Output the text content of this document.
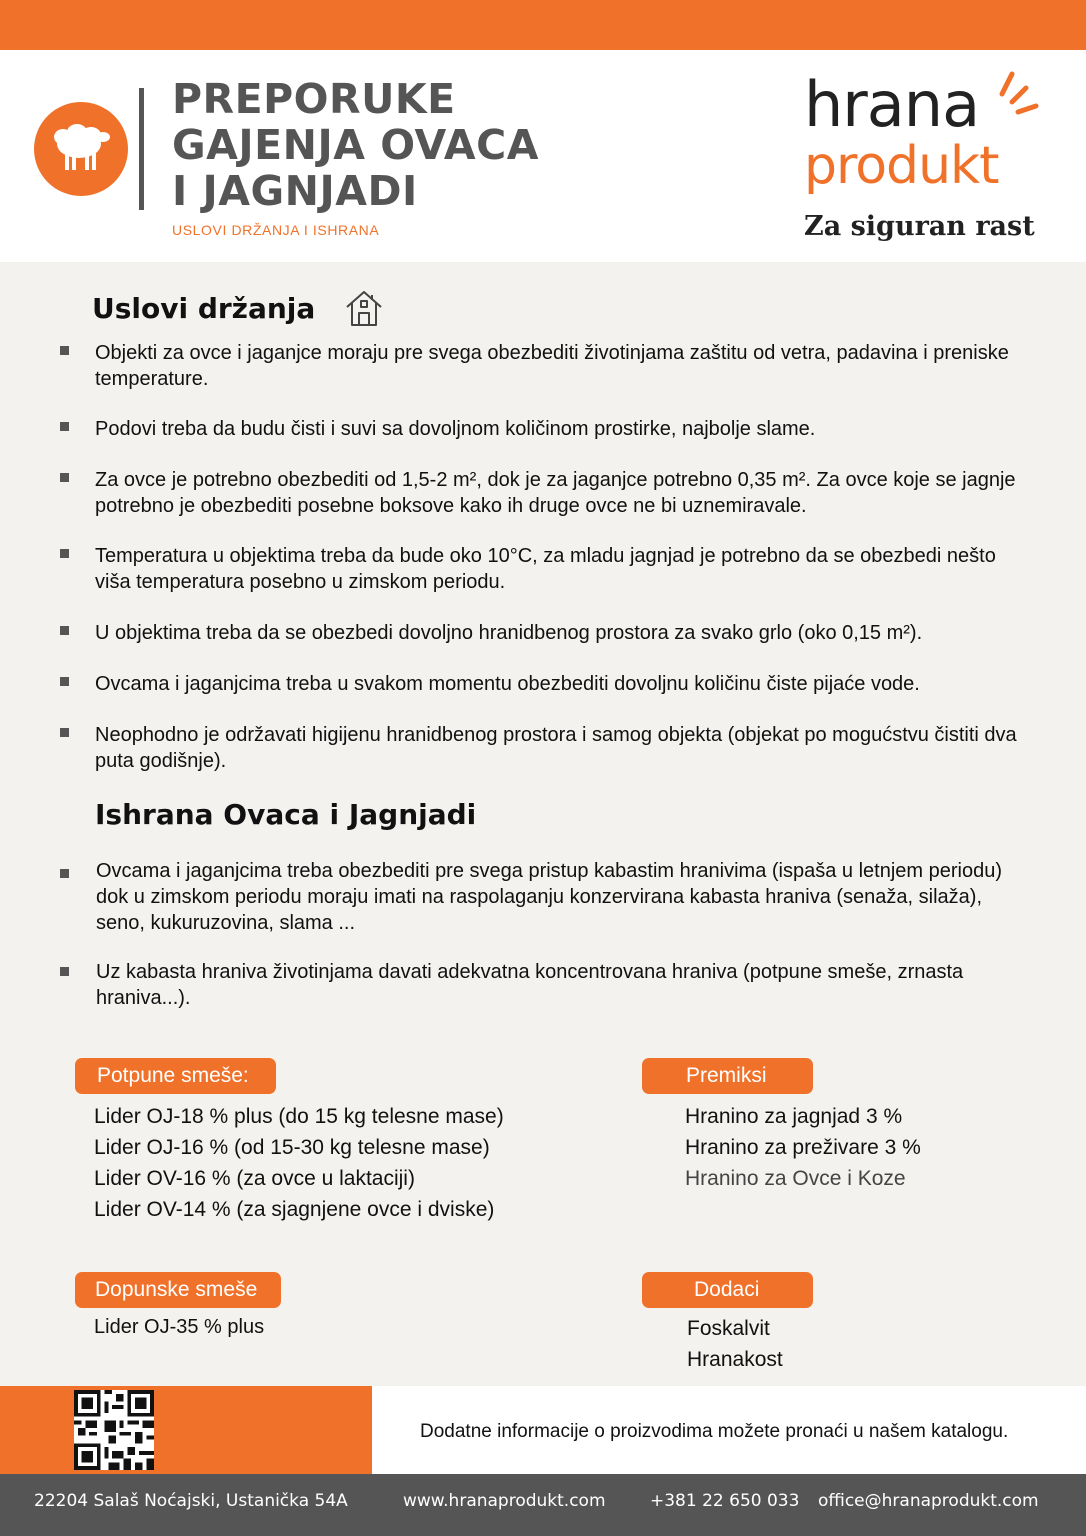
PREPORUKE
GAJENJA OVACA
I JAGNJADI
USLOVI DRŽANJA I ISHRANA
hrana
produkt
Za siguran rast
Uslovi držanja
Objekti za ovce i jaganjce moraju pre svega obezbediti životinjama zaštitu od vetra, padavina i preniske temperature.
Podovi treba da budu čisti i suvi sa dovoljnom količinom prostirke, najbolje slame.
Za ovce je potrebno obezbediti od 1,5-2 m², dok je za jaganjce potrebno 0,35 m². Za ovce koje se jagnje potrebno je obezbediti posebne boksove kako ih druge ovce ne bi uznemiravale.
Temperatura u objektima treba da bude oko 10°C, za mladu jagnjad je potrebno da se obezbedi nešto viša temperatura posebno u zimskom periodu.
U objektima treba da se obezbedi dovoljno hranidbenog prostora za svako grlo (oko 0,15 m²).
Ovcama i jaganjcima treba u svakom momentu obezbediti dovoljnu količinu čiste pijaće vode.
Neophodno je održavati higijenu hranidbenog prostora i samog objekta (objekat po mogućstvu čistiti dva puta godišnje).
Ishrana Ovaca i Jagnjadi
Ovcama i jaganjcima treba obezbediti pre svega pristup kabastim hranivima (ispaša u letnjem periodu) dok u zimskom periodu moraju imati na raspolaganju konzervirana kabasta hraniva (senaža, silaža), seno, kukuruzovina, slama ...
Uz kabasta hraniva životinjama davati adekvatna koncentrovana hraniva (potpune smeše, zrnasta hraniva...).
Potpune smeše:
Lider OJ-18 % plus (do 15 kg telesne mase)
Lider OJ-16 % (od 15-30 kg telesne mase)
Lider OV-16 % (za ovce u laktaciji)
Lider OV-14 % (za sjagnjene ovce i dviske)
Premiksi
Hranino za jagnjad 3 %
Hranino za preživare 3 %
Hranino za Ovce i Koze
Dopunske smeše
Lider OJ-35 % plus
Dodaci
Foskalvit
Hranakost
Dodatne informacije o proizvodima možete pronaći u našem katalogu.
22204 Salaš Noćajski, Ustanička 54A	www.hranaprodukt.com	+381 22 650 033 office@hranaprodukt.com
